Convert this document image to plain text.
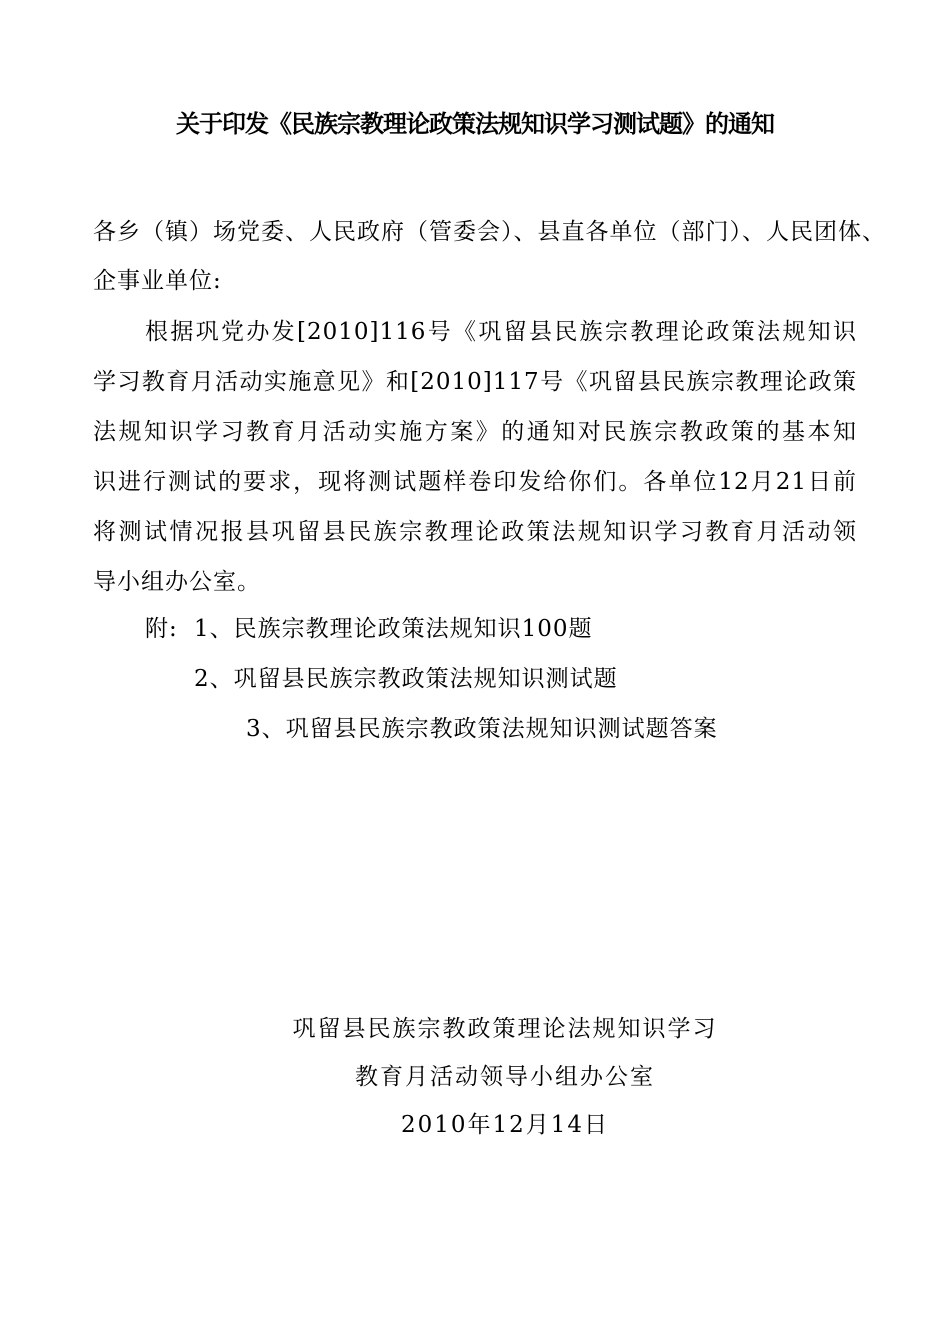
关于印发《民族宗教理论政策法规知识学习测试题》的通知
各乡（镇）场党委、人民政府（管委会）、县直各单位（部门）、人民团体、
企事业单位:
根据巩党办发[2010]116号《巩留县民族宗教理论政策法规知识
学习教育月活动实施意见》和[2010]117号《巩留县民族宗教理论政策
法规知识学习教育月活动实施方案》的通知对民族宗教政策的基本知
识进行测试的要求，现将测试题样卷印发给你们。各单位12月21日前
将测试情况报县巩留县民族宗教理论政策法规知识学习教育月活动领
导小组办公室。
附: 1、民族宗教理论政策法规知识100题
2、巩留县民族宗教政策法规知识测试题
3、巩留县民族宗教政策法规知识测试题答案
巩留县民族宗教政策理论法规知识学习
教育月活动领导小组办公室
2010年12月14日
